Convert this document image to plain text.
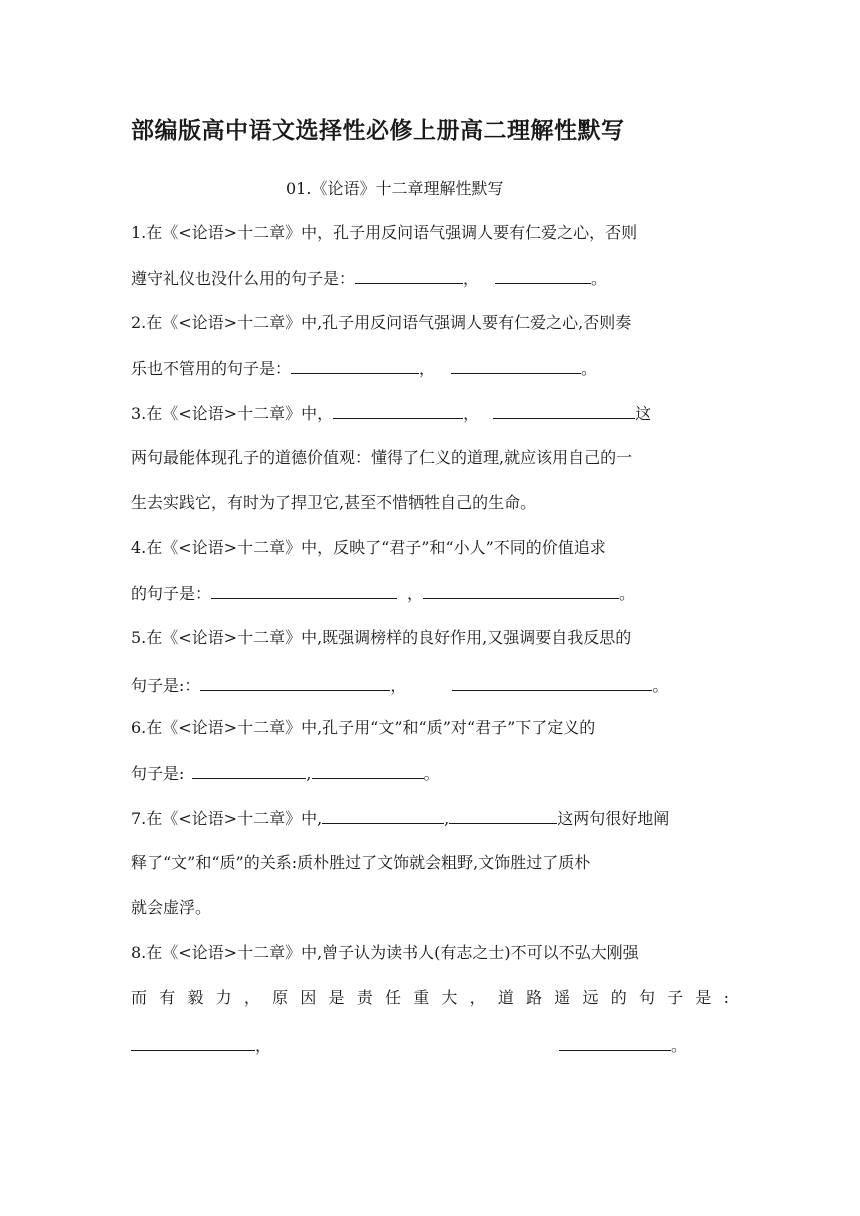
部编版高中语文选择性必修上册高二理解性默写
01.《论语》十二章理解性默写
1.在《<论语>十二章》中，孔子用反问语气强调人要有仁爱之心，否则
遵守礼仪也没什么用的句子是：	，	。
2.在《<论语>十二章》中,孔子用反问语气强调人要有仁爱之心,否则奏
乐也不管用的句子是：	，	。
3.在《<论语>十二章》中，	，	这
两句最能体现孔子的道德价值观：懂得了仁义的道理,就应该用自己的一
生去实践它，有时为了捍卫它,甚至不惜牺牲自己的生命。
4.在《<论语>十二章》中，反映了“君子”和“小人”不同的价值追求
的句子是：	，	。
5.在《<论语>十二章》中,既强调榜样的良好作用,又强调要自我反思的
句子是:：	，	。
6.在《<论语>十二章》中,孔子用“文”和“质”对“君子”下了定义的
句子是:	,	。
7.在《<论语>十二章》中,	,	这两句很好地阐
释了“文”和“质”的关系:质朴胜过了文饰就会粗野,文饰胜过了质朴
就会虚浮。
8.在《<论语>十二章》中,曾子认为读书人(有志之士)不可以不弘大刚强
而 有 毅 力 ， 原 因 是 责 任 重 大 ， 道 路 遥 远 的 句 子 是 :
，	。
